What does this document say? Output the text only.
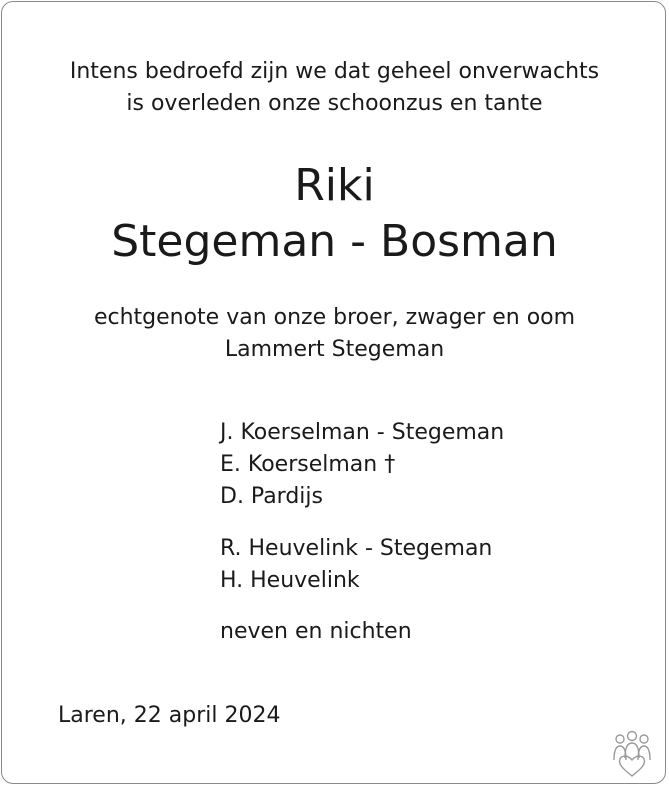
Intens bedroefd zijn we dat geheel onverwachts
is overleden onze schoonzus en tante
Riki
Stegeman - Bosman
echtgenote van onze broer, zwager en oom
Lammert Stegeman
J. Koerselman - Stegeman
E. Koerselman †
D. Pardijs
R. Heuvelink - Stegeman
H. Heuvelink
neven en nichten
Laren, 22 april 2024
